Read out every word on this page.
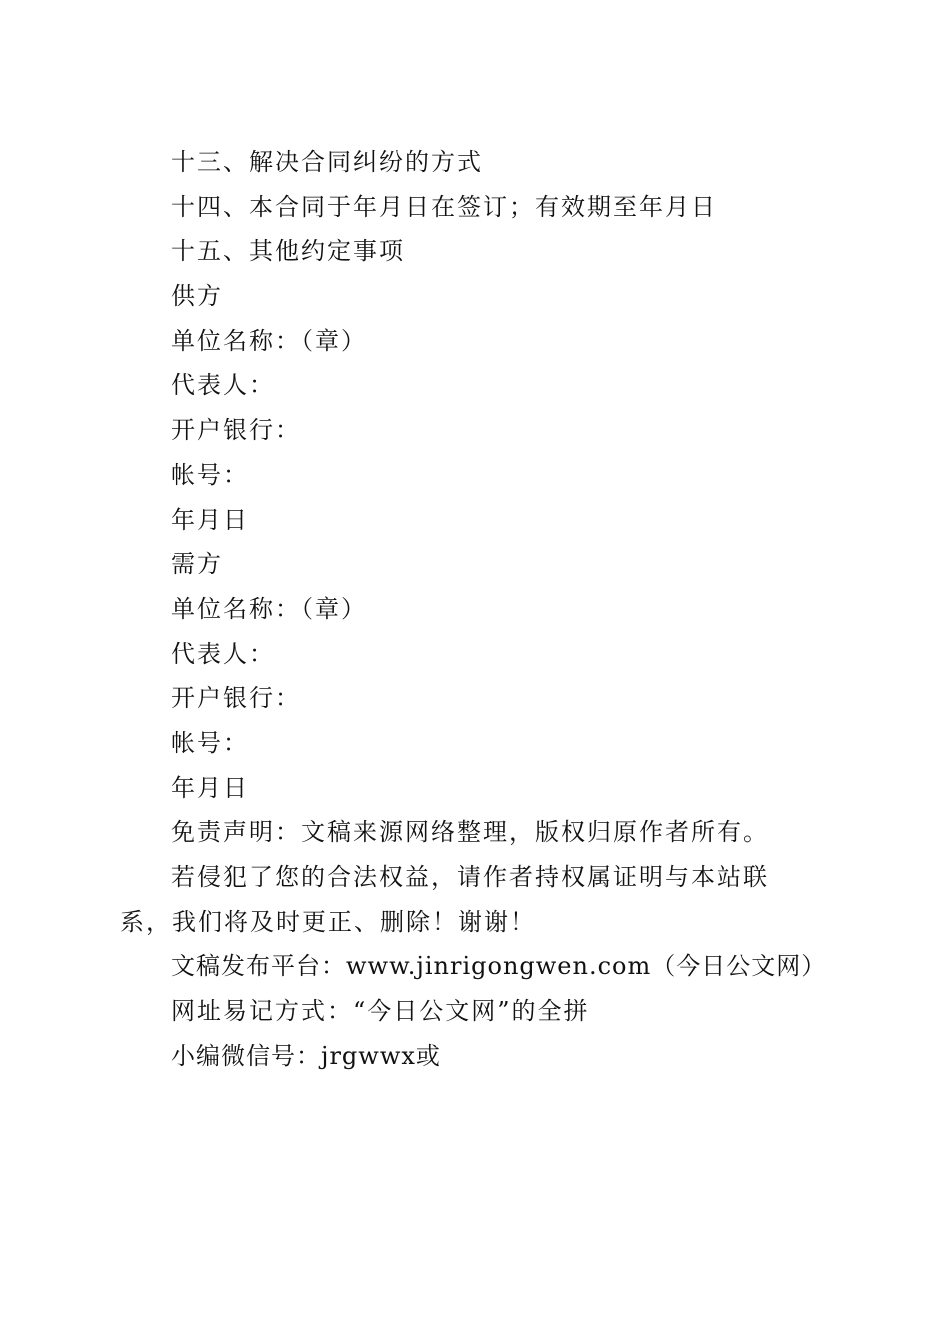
十三、解决合同纠纷的方式
十四、本合同于年月日在签订；有效期至年月日
十五、其他约定事项
供方
单位名称：（章）
代表人：
开户银行：
帐号：
年月日
需方
单位名称：（章）
代表人：
开户银行：
帐号：
年月日
免责声明：文稿来源网络整理，版权归原作者所有。
若侵犯了您的合法权益，请作者持权属证明与本站联系，我们将及时更正、删除！谢谢！
文稿发布平台：www.jinrigongwen.com（今日公文网）
网址易记方式：“今日公文网”的全拼
小编微信号：jrgwwx或
